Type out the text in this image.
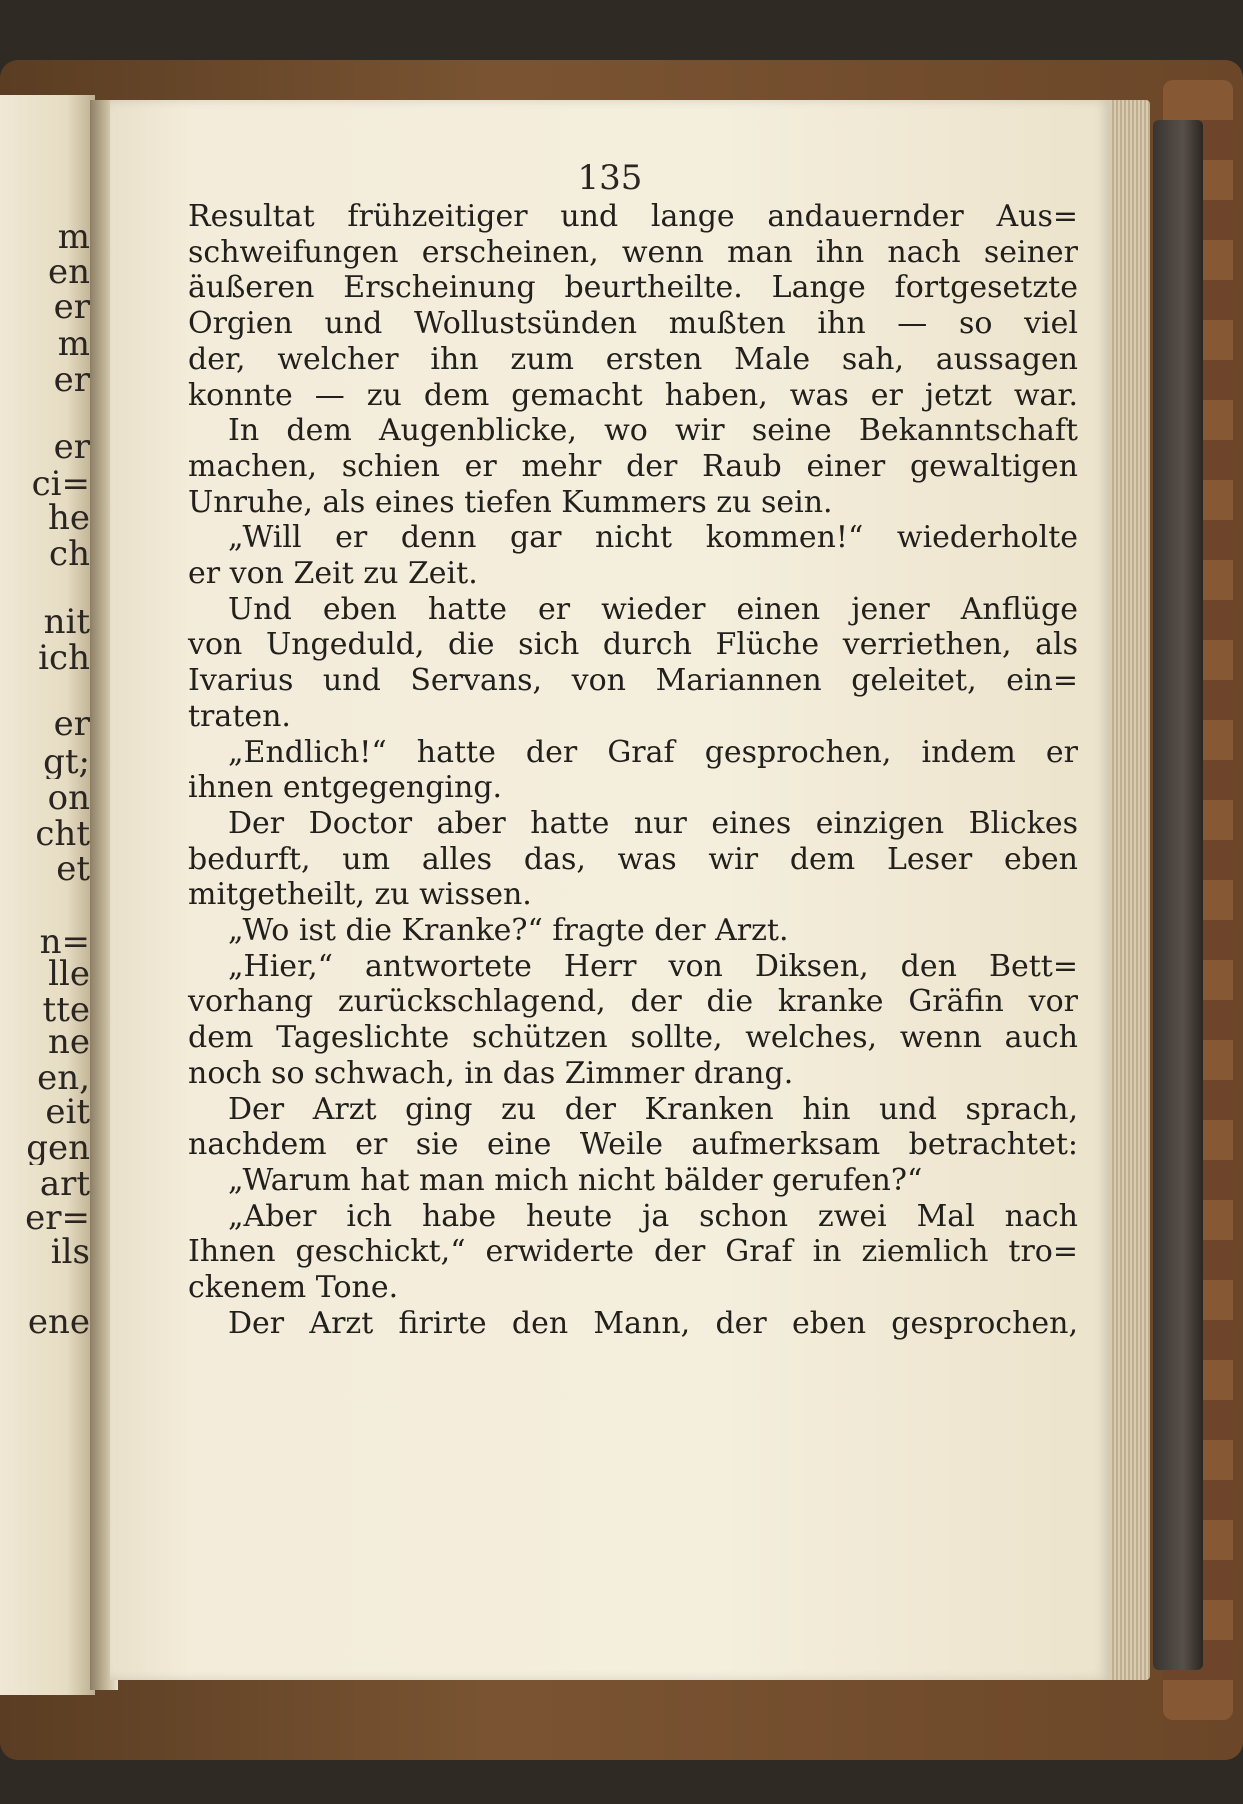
m
en
er
m
er
er
ci=
he
ch
nit
ich
er
gt;
on
cht
et
n=
lle
tte
ne
en,
eit
gen
art
er=
ils
ene
135
Resultat frühzeitiger und lange andauernder Aus=
schweifungen erscheinen, wenn man ihn nach seiner
äußeren Erscheinung beurtheilte. Lange fortgesetzte
Orgien und Wollustsünden mußten ihn — so viel
der, welcher ihn zum ersten Male sah, aussagen
konnte — zu dem gemacht haben, was er jetzt war.
In dem Augenblicke, wo wir seine Bekanntschaft
machen, schien er mehr der Raub einer gewaltigen
Unruhe, als eines tiefen Kummers zu sein.
„Will er denn gar nicht kommen!“ wiederholte
er von Zeit zu Zeit.
Und eben hatte er wieder einen jener Anflüge
von Ungeduld, die sich durch Flüche verriethen, als
Ivarius und Servans, von Mariannen geleitet, ein=
traten.
„Endlich!“ hatte der Graf gesprochen, indem er
ihnen entgegenging.
Der Doctor aber hatte nur eines einzigen Blickes
bedurft, um alles das, was wir dem Leser eben
mitgetheilt, zu wissen.
„Wo ist die Kranke?“ fragte der Arzt.
„Hier,“ antwortete Herr von Diksen, den Bett=
vorhang zurückschlagend, der die kranke Gräfin vor
dem Tageslichte schützen sollte, welches, wenn auch
noch so schwach, in das Zimmer drang.
Der Arzt ging zu der Kranken hin und sprach,
nachdem er sie eine Weile aufmerksam betrachtet:
„Warum hat man mich nicht bälder gerufen?“
„Aber ich habe heute ja schon zwei Mal nach
Ihnen geschickt,“ erwiderte der Graf in ziemlich tro=
ckenem Tone.
Der Arzt firirte den Mann, der eben gesprochen,
